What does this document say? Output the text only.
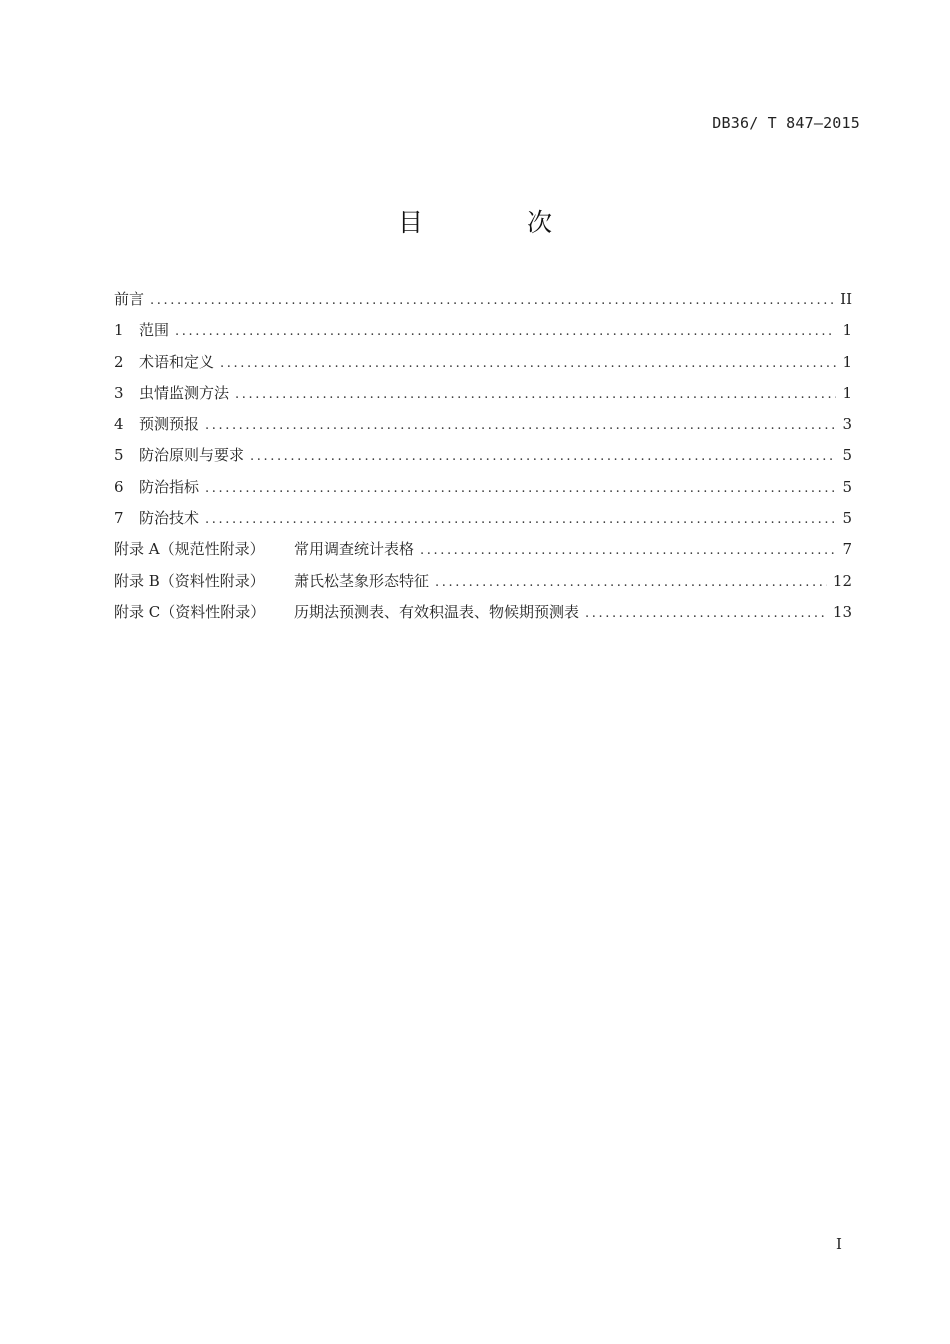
DB36/ T 847—2015
目 次
前言 .....	II
1	范围 .....	1
2	术语和定义 .....	1
3	虫情监测方法 .....	1
4	预测预报 .....	3
5	防治原则与要求 .....	5
6	防治指标 .....	5
7	防治技术 .....	5
附录 A（规范性附录）	常用调查统计表格 .....	7
附录 B（资料性附录）	萧氏松茎象形态特征 .....	12
附录 C（资料性附录）	历期法预测表、有效积温表、物候期预测表 .....	13
I
